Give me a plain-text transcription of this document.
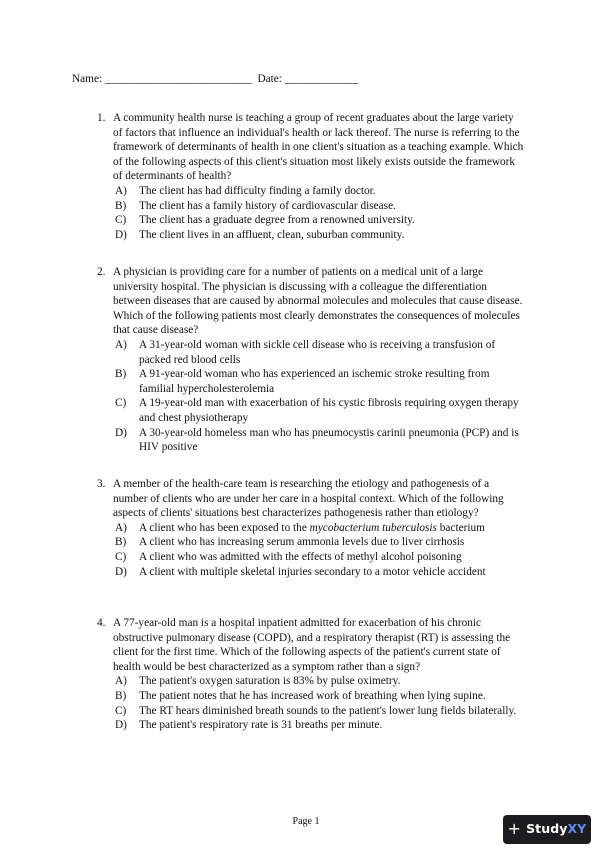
Name: __________________________ Date: _____________
1. A community health nurse is teaching a group of recent graduates about the large variety of factors that influence an individual's health or lack thereof. The nurse is referring to the framework of determinants of health in one client's situation as a teaching example. Which of the following aspects of this client's situation most likely exists outside the framework of determinants of health?
A) The client has had difficulty finding a family doctor.
B) The client has a family history of cardiovascular disease.
C) The client has a graduate degree from a renowned university.
D) The client lives in an affluent, clean, suburban community.
2. A physician is providing care for a number of patients on a medical unit of a large university hospital. The physician is discussing with a colleague the differentiation between diseases that are caused by abnormal molecules and molecules that cause disease. Which of the following patients most clearly demonstrates the consequences of molecules that cause disease?
A) A 31-year-old woman with sickle cell disease who is receiving a transfusion of packed red blood cells
B) A 91-year-old woman who has experienced an ischemic stroke resulting from familial hypercholesterolemia
C) A 19-year-old man with exacerbation of his cystic fibrosis requiring oxygen therapy and chest physiotherapy
D) A 30-year-old homeless man who has pneumocystis carinii pneumonia (PCP) and is HIV positive
3. A member of the health-care team is researching the etiology and pathogenesis of a number of clients who are under her care in a hospital context. Which of the following aspects of clients' situations best characterizes pathogenesis rather than etiology?
A) A client who has been exposed to the mycobacterium tuberculosis bacterium
B) A client who has increasing serum ammonia levels due to liver cirrhosis
C) A client who was admitted with the effects of methyl alcohol poisoning
D) A client with multiple skeletal injuries secondary to a motor vehicle accident
4. A 77-year-old man is a hospital inpatient admitted for exacerbation of his chronic obstructive pulmonary disease (COPD), and a respiratory therapist (RT) is assessing the client for the first time. Which of the following aspects of the patient's current state of health would be best characterized as a symptom rather than a sign?
A) The patient's oxygen saturation is 83% by pulse oximetry.
B) The patient notes that he has increased work of breathing when lying supine.
C) The RT hears diminished breath sounds to the patient's lower lung fields bilaterally.
D) The patient's respiratory rate is 31 breaths per minute.
Page 1	+ Study XY
